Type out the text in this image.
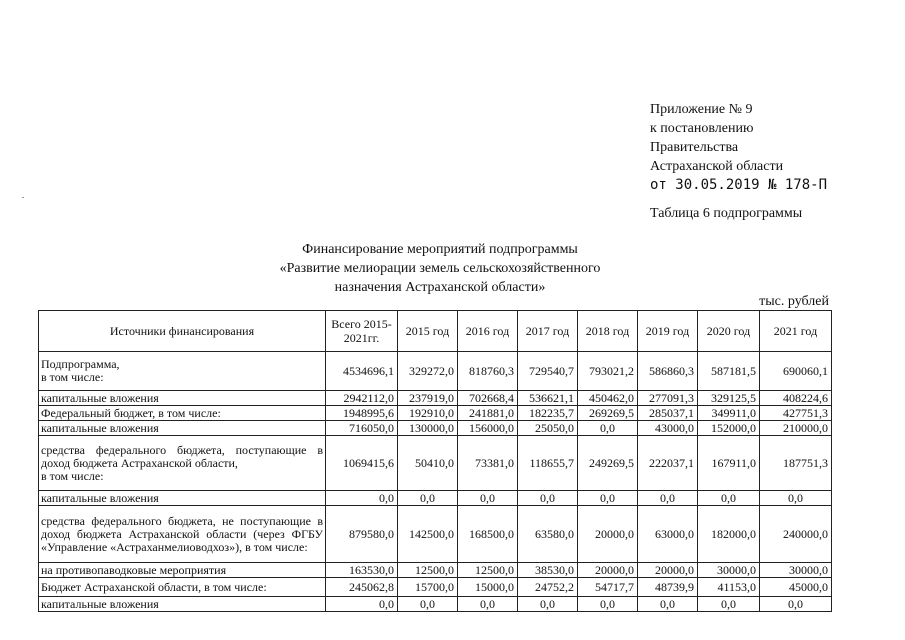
Приложение № 9
к постановлению
Правительства
Астраханской области
от 30.05.2019 № 178-П
Таблица 6 подпрограммы
Финансирование мероприятий подпрограммы
«Развитие мелиорации земель сельскохозяйственного
назначения Астраханской области»
тыс. рублей
Источники финансирования	Всего 2015-2021гг.	2015 год	2016 год	2017 год	2018 год	2019 год	2020 год	2021 год
Подпрограмма,
в том числе:	4534696,1	329272,0	818760,3	729540,7	793021,2	586860,3	587181,5	690060,1
капитальные вложения	2942112,0	237919,0	702668,4	536621,1	450462,0	277091,3	329125,5	408224,6
Федеральный бюджет, в том числе:	1948995,6	192910,0	241881,0	182235,7	269269,5	285037,1	349911,0	427751,3
капитальные вложения	716050,0	130000,0	156000,0	25050,0	0,0	43000,0	152000,0	210000,0
средства федерального бюджета, поступающие в доход бюджета Астраханской области,
в том числе:	1069415,6	50410,0	73381,0	118655,7	249269,5	222037,1	167911,0	187751,3
капитальные вложения	0,0	0,0	0,0	0,0	0,0	0,0	0,0	0,0
средства федерального бюджета, не поступающие в доход бюджета Астраханской области (через ФГБУ «Управление «Астраханмелиоводхоз»), в том числе:	879580,0	142500,0	168500,0	63580,0	20000,0	63000,0	182000,0	240000,0
на противопаводковые мероприятия	163530,0	12500,0	12500,0	38530,0	20000,0	20000,0	30000,0	30000,0
Бюджет Астраханской области, в том числе:	245062,8	15700,0	15000,0	24752,2	54717,7	48739,9	41153,0	45000,0
капитальные вложения	0,0	0,0	0,0	0,0	0,0	0,0	0,0	0,0
